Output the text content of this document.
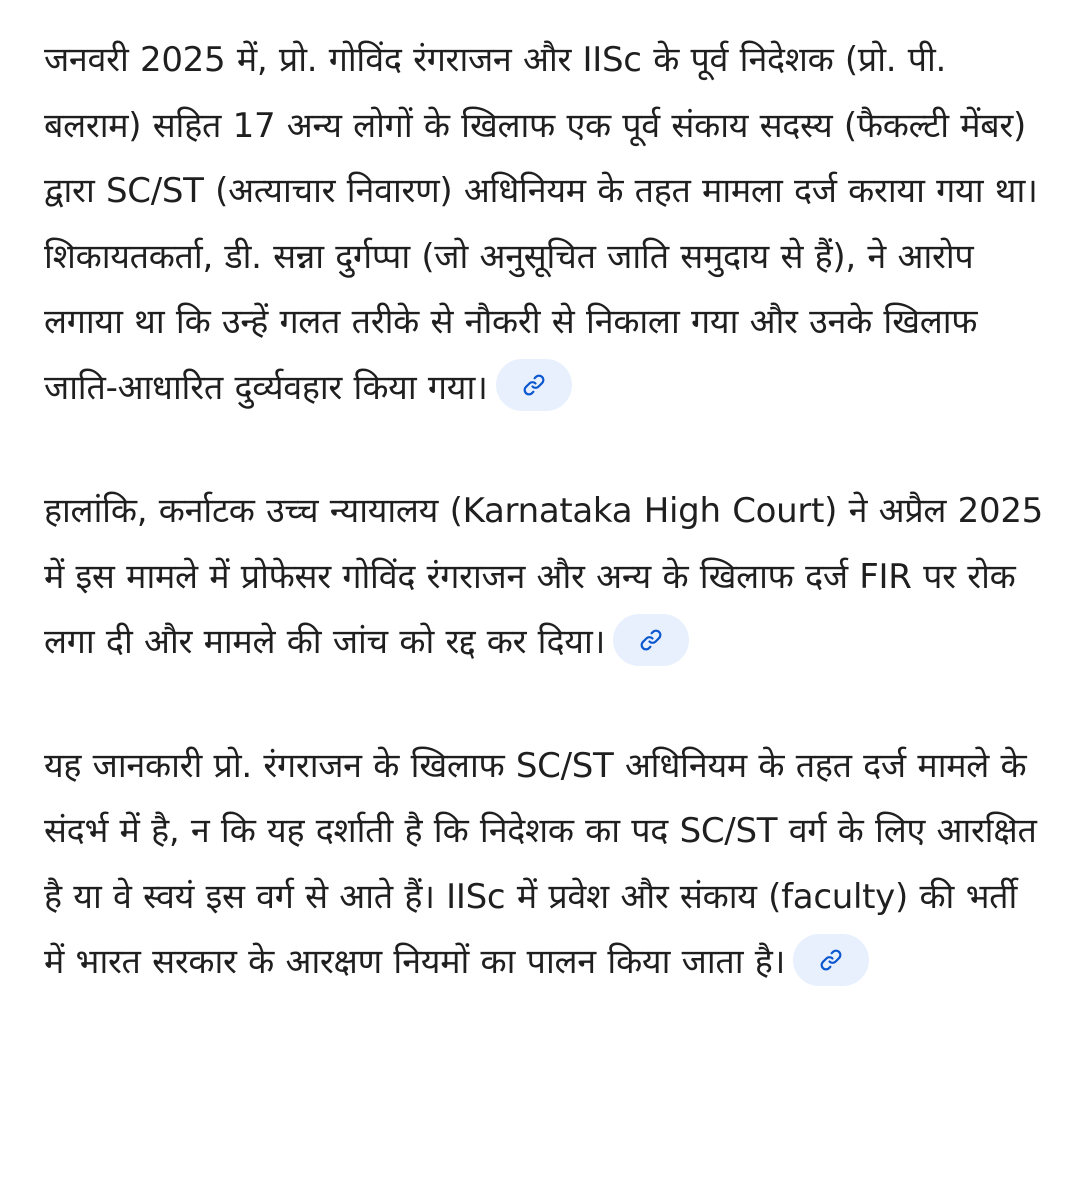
जनवरी 2025 में, प्रो. गोविंद रंगराजन और IISc के पूर्व निदेशक (प्रो. पी. बलराम) सहित 17 अन्य लोगों के खिलाफ एक पूर्व संकाय सदस्य (फैकल्टी मेंबर) द्वारा SC/ST (अत्याचार निवारण) अधिनियम के तहत मामला दर्ज कराया गया था। शिकायतकर्ता, डी. सन्ना दुर्गप्पा (जो अनुसूचित जाति समुदाय से हैं), ने आरोप लगाया था कि उन्हें गलत तरीके से नौकरी से निकाला गया और उनके खिलाफ जाति-आधारित दुर्व्यवहार किया गया।

हालांकि, कर्नाटक उच्च न्यायालय (Karnataka High Court) ने अप्रैल 2025 में इस मामले में प्रोफेसर गोविंद रंगराजन और अन्य के खिलाफ दर्ज FIR पर रोक लगा दी और मामले की जांच को रद्द कर दिया।

यह जानकारी प्रो. रंगराजन के खिलाफ SC/ST अधिनियम के तहत दर्ज मामले के संदर्भ में है, न कि यह दर्शाती है कि निदेशक का पद SC/ST वर्ग के लिए आरक्षित है या वे स्वयं इस वर्ग से आते हैं। IISc में प्रवेश और संकाय (faculty) की भर्ती में भारत सरकार के आरक्षण नियमों का पालन किया जाता है।
